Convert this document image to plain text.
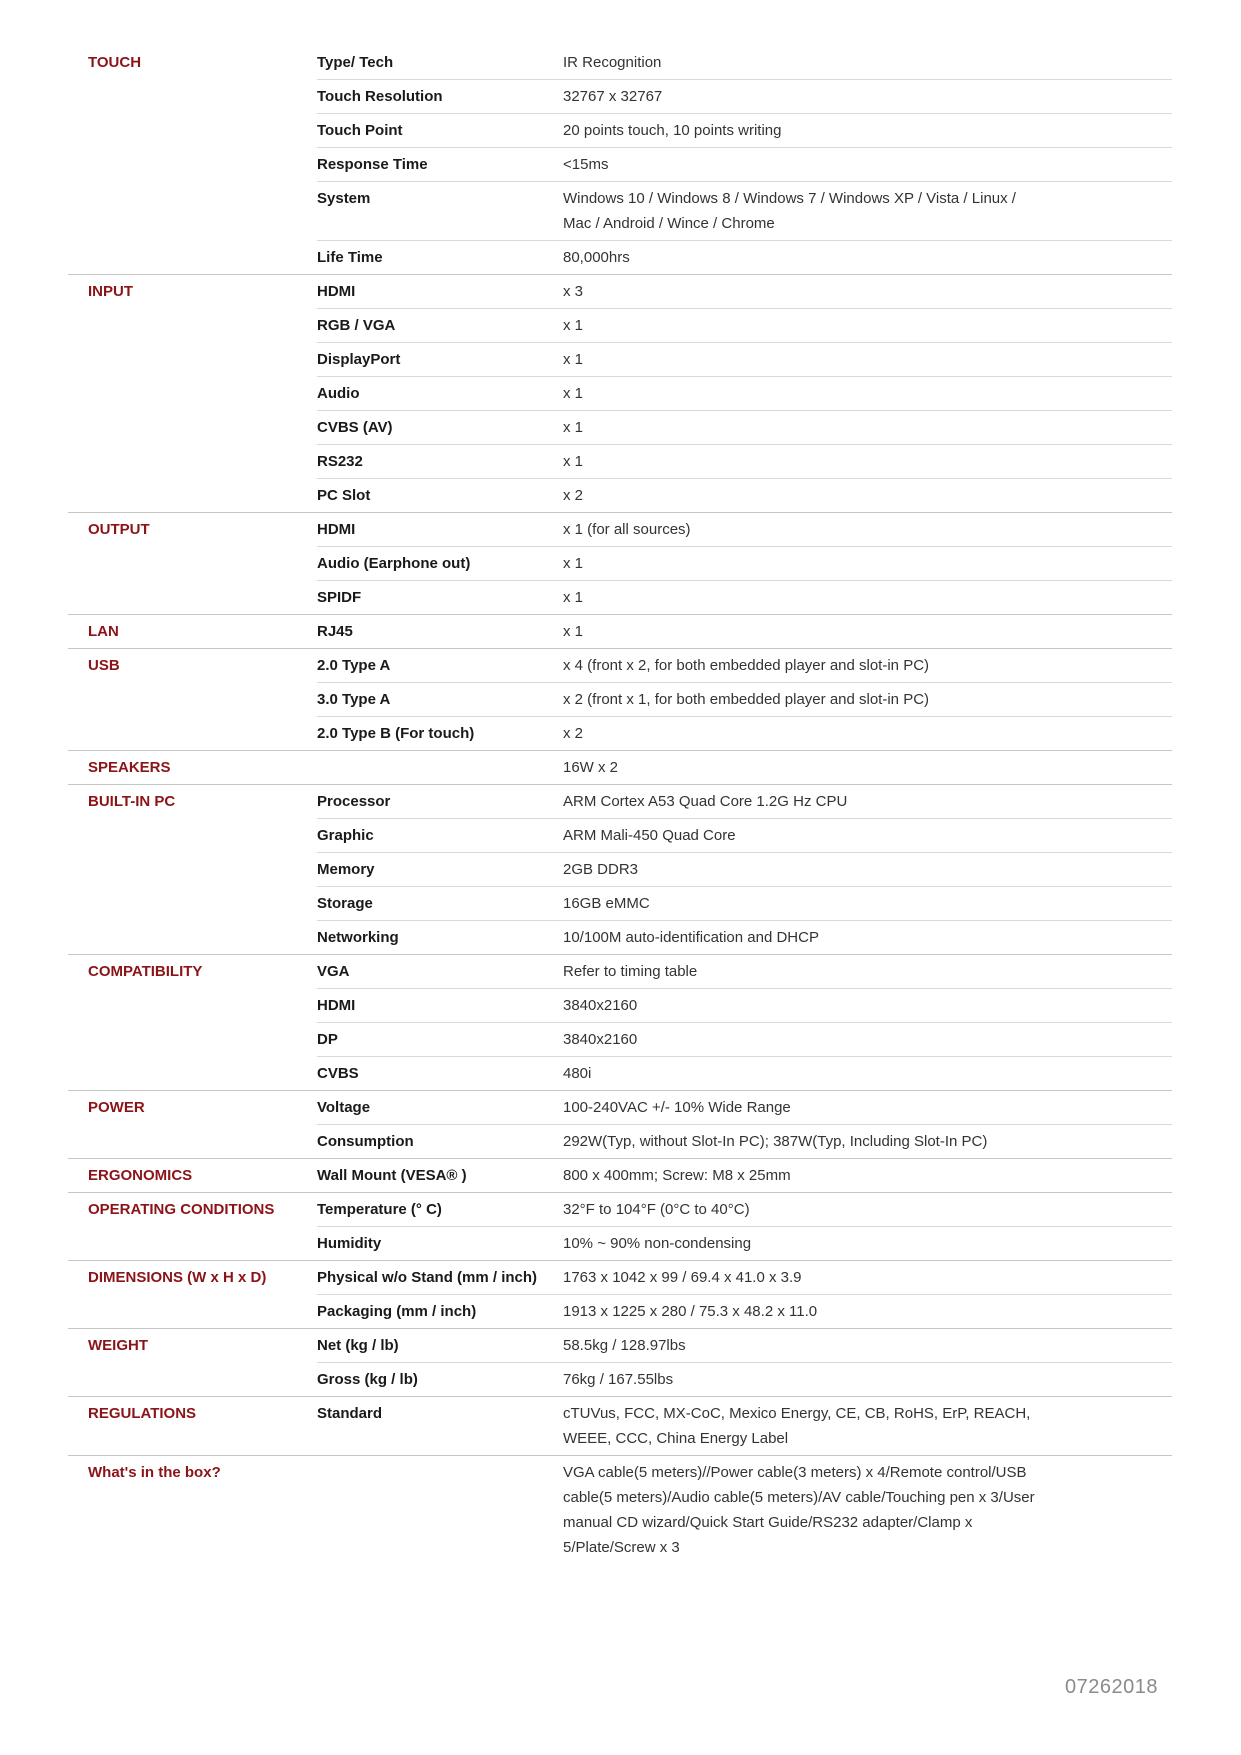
TOUCH	Type/ Tech	IR Recognition
Touch Resolution	32767 x 32767
Touch Point	20 points touch, 10 points writing
Response Time	<15ms
System	Windows 10 / Windows 8 / Windows 7 / Windows XP / Vista / Linux /
Mac / Android / Wince / Chrome
Life Time	80,000hrs
INPUT	HDMI	x 3
RGB / VGA	x 1
DisplayPort	x 1
Audio	x 1
CVBS (AV)	x 1
RS232	x 1
PC Slot	x 2
OUTPUT	HDMI	x 1 (for all sources)
Audio (Earphone out)	x 1
SPIDF	x 1
LAN	RJ45	x 1
USB	2.0 Type A	x 4 (front x 2, for both embedded player and slot-in PC)
3.0 Type A	x 2 (front x 1, for both embedded player and slot-in PC)
2.0 Type B (For touch)	x 2
SPEAKERS	16W x 2
BUILT-IN PC	Processor	ARM Cortex A53 Quad Core 1.2G Hz CPU
Graphic	ARM Mali-450 Quad Core
Memory	2GB DDR3
Storage	16GB eMMC
Networking	10/100M auto-identification and DHCP
COMPATIBILITY	VGA	Refer to timing table
HDMI	3840x2160
DP	3840x2160
CVBS	480i
POWER	Voltage	100-240VAC +/- 10% Wide Range
Consumption	292W(Typ, without Slot-In PC); 387W(Typ, Including Slot-In PC)
ERGONOMICS	Wall Mount (VESA® )	800 x 400mm; Screw: M8 x 25mm
OPERATING CONDITIONS	Temperature (° C)	32°F to 104°F (0°C to 40°C)
Humidity	10% ~ 90% non-condensing
DIMENSIONS (W x H x D)	Physical w/o Stand (mm / inch)	1763 x 1042 x 99 / 69.4 x 41.0 x 3.9
Packaging (mm / inch)	1913 x 1225 x 280 / 75.3 x 48.2 x 11.0
WEIGHT	Net (kg / lb)	58.5kg / 128.97lbs
Gross (kg / lb)	76kg / 167.55lbs
REGULATIONS	Standard	cTUVus, FCC, MX-CoC, Mexico Energy, CE, CB, RoHS, ErP, REACH,
WEEE, CCC, China Energy Label
What's in the box?	VGA cable(5 meters)//Power cable(3 meters) x 4/Remote control/USB
cable(5 meters)/Audio cable(5 meters)/AV cable/Touching pen x 3/User
manual CD wizard/Quick Start Guide/RS232 adapter/Clamp x
5/Plate/Screw x 3
07262018
